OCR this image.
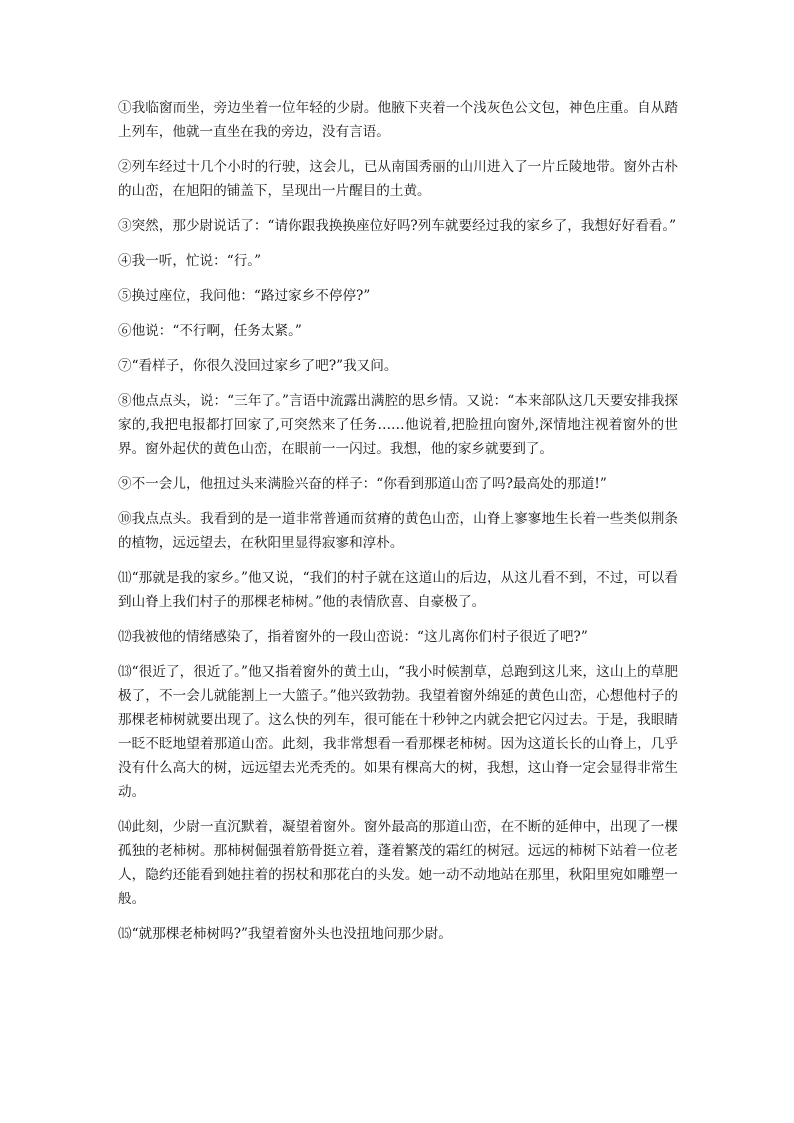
①我临窗而坐，旁边坐着一位年轻的少尉。他腋下夹着一个浅灰色公文包，神色庄重。自从踏上列车，他就一直坐在我的旁边，没有言语。

②列车经过十几个小时的行驶，这会儿，已从南国秀丽的山川进入了一片丘陵地带。窗外古朴的山峦，在旭阳的铺盖下，呈现出一片醒目的土黄。

③突然，那少尉说话了：“请你跟我换换座位好吗?列车就要经过我的家乡了，我想好好看看。”

④我一听，忙说：“行。”

⑤换过座位，我问他：“路过家乡不停停?”

⑥他说：“不行啊，任务太紧。”

⑦“看样子，你很久没回过家乡了吧?”我又问。

⑧他点点头，说：“三年了。”言语中流露出满腔的思乡情。又说：“本来部队这几天要安排我探家的,我把电报都打回家了,可突然来了任务……他说着,把脸扭向窗外,深情地注视着窗外的世界。窗外起伏的黄色山峦，在眼前一一闪过。我想，他的家乡就要到了。

⑨不一会儿，他扭过头来满脸兴奋的样子：“你看到那道山峦了吗?最高处的那道!”

⑩我点点头。我看到的是一道非常普通而贫瘠的黄色山峦，山脊上寥寥地生长着一些类似荆条的植物，远远望去，在秋阳里显得寂寥和淳朴。

⑾“那就是我的家乡。”他又说，“我们的村子就在这道山的后边，从这儿看不到，不过，可以看到山脊上我们村子的那棵老柿树。”他的表情欣喜、自豪极了。

⑿我被他的情绪感染了，指着窗外的一段山峦说：“这儿离你们村子很近了吧?”

⒀“很近了，很近了。”他又指着窗外的黄土山，“我小时候割草，总跑到这儿来，这山上的草肥极了，不一会儿就能割上一大篮子。”他兴致勃勃。我望着窗外绵延的黄色山峦，心想他村子的那棵老柿树就要出现了。这么快的列车，很可能在十秒钟之内就会把它闪过去。于是，我眼睛一眨不眨地望着那道山峦。此刻，我非常想看一看那棵老柿树。因为这道长长的山脊上，几乎没有什么高大的树，远远望去光秃秃的。如果有棵高大的树，我想，这山脊一定会显得非常生动。

⒁此刻，少尉一直沉默着，凝望着窗外。窗外最高的那道山峦，在不断的延伸中，出现了一棵孤独的老柿树。那柿树倔强着筋骨挺立着，蓬着繁茂的霜红的树冠。远远的柿树下站着一位老人，隐约还能看到她拄着的拐杖和那花白的头发。她一动不动地站在那里，秋阳里宛如雕塑一般。

⒂“就那棵老柿树吗?”我望着窗外头也没扭地问那少尉。
